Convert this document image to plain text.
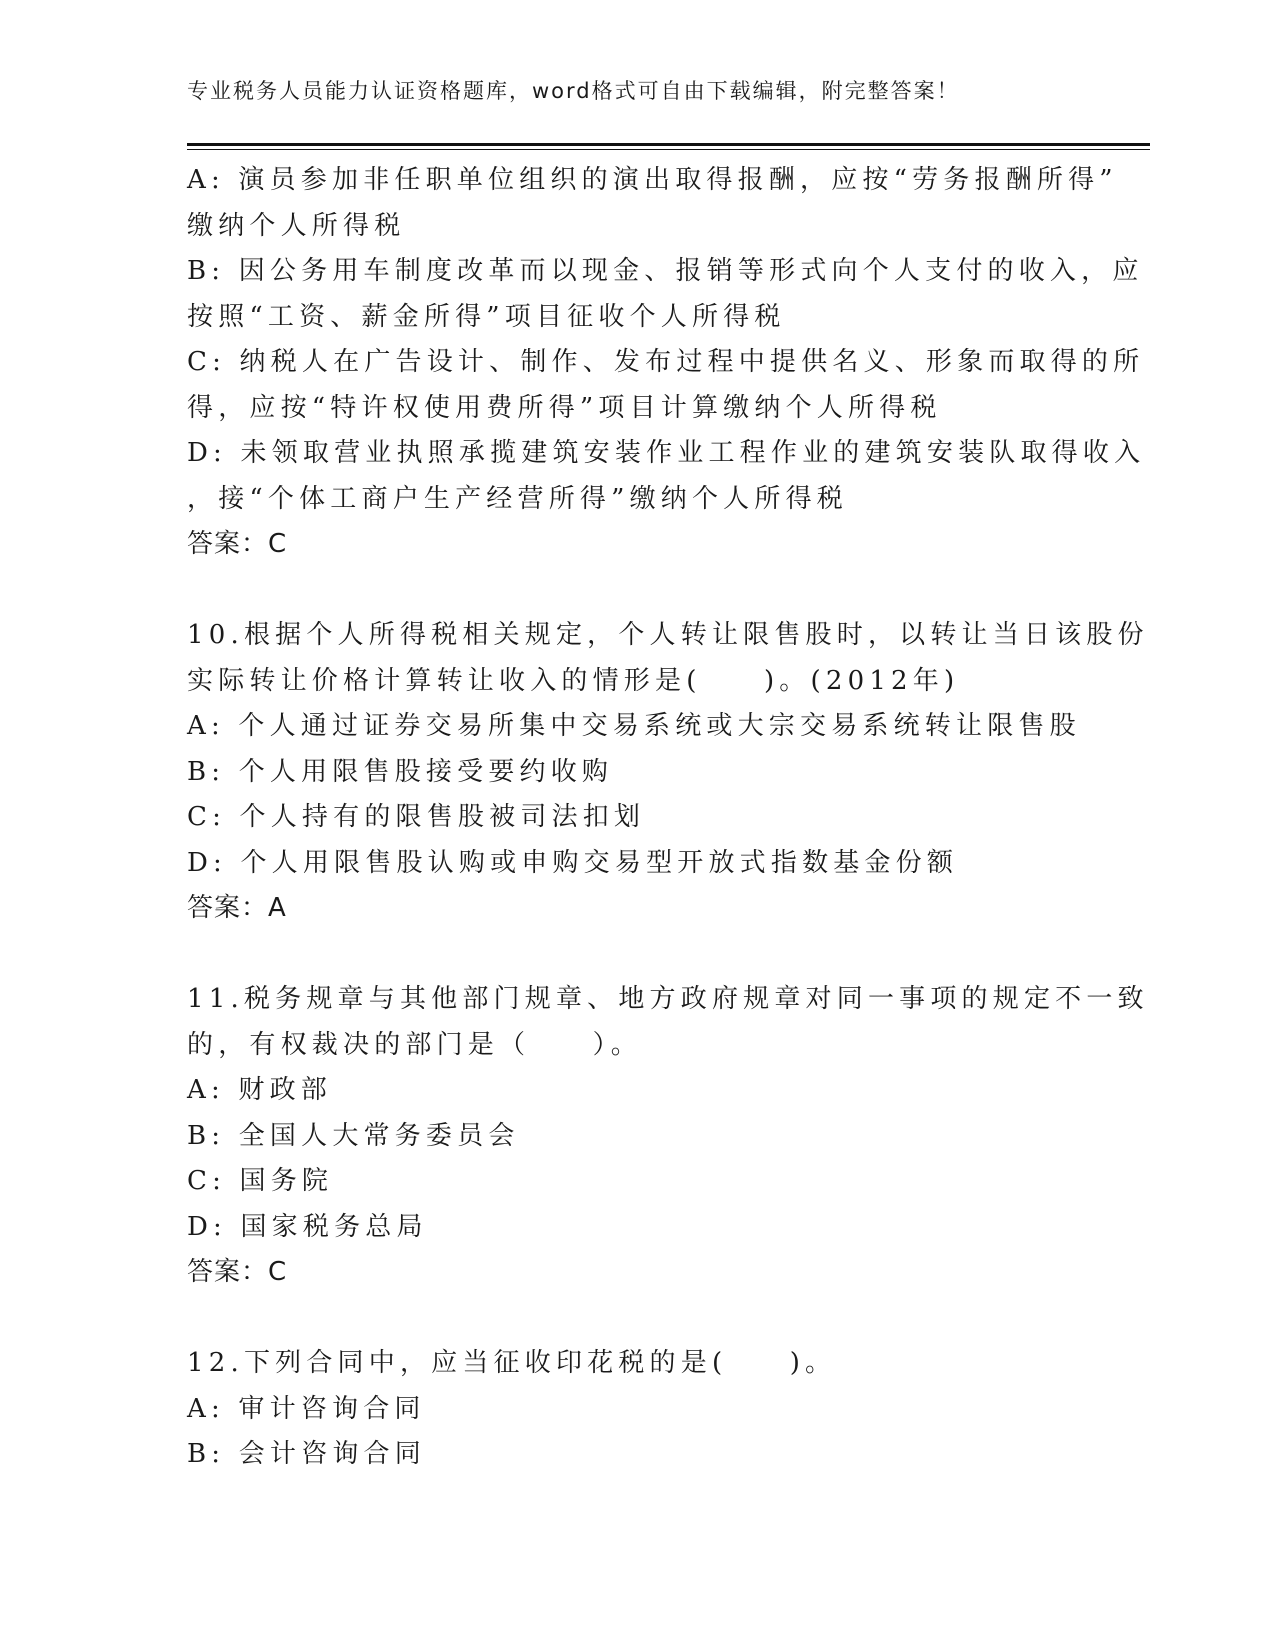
专业税务人员能力认证资格题库，word格式可自由下载编辑，附完整答案！
A: 演员参加非任职单位组织的演出取得报酬，应按“劳务报酬所得”
缴纳个人所得税
B: 因公务用车制度改革而以现金、报销等形式向个人支付的收入，应
按照“工资、薪金所得”项目征收个人所得税
C: 纳税人在广告设计、制作、发布过程中提供名义、形象而取得的所
得，应按“特许权使用费所得”项目计算缴纳个人所得税
D: 未领取营业执照承揽建筑安装作业工程作业的建筑安装队取得收入
，接“个体工商户生产经营所得”缴纳个人所得税
答案：C
10.根据个人所得税相关规定，个人转让限售股时，以转让当日该股份
实际转让价格计算转让收入的情形是(　　)。(2012年)
A: 个人通过证券交易所集中交易系统或大宗交易系统转让限售股
B: 个人用限售股接受要约收购
C: 个人持有的限售股被司法扣划
D: 个人用限售股认购或申购交易型开放式指数基金份额
答案：A
11.税务规章与其他部门规章、地方政府规章对同一事项的规定不一致
的，有权裁决的部门是（　　）。
A: 财政部
B: 全国人大常务委员会
C: 国务院
D: 国家税务总局
答案：C
12.下列合同中，应当征收印花税的是(　　)。
A: 审计咨询合同
B: 会计咨询合同
